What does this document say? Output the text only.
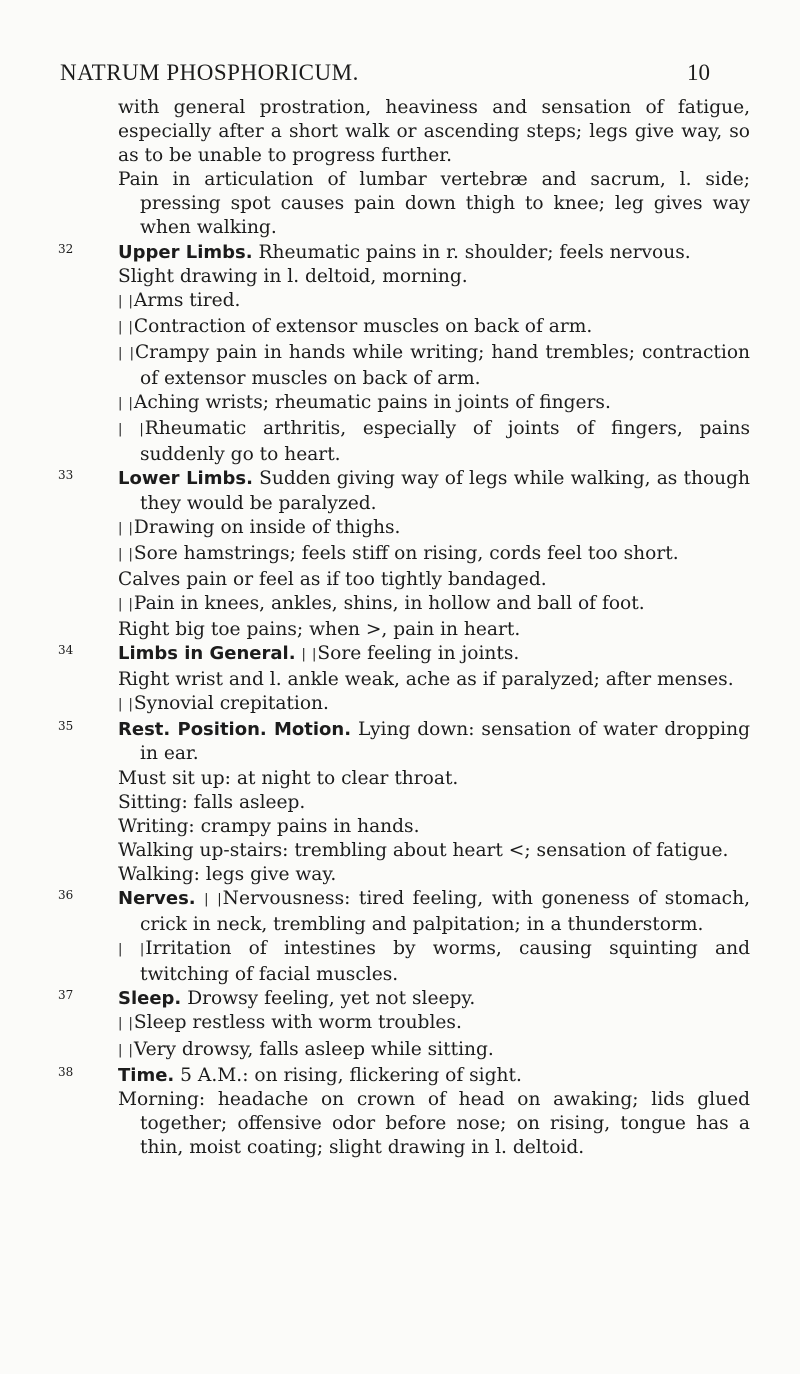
NATRUM PHOSPHORICUM.	10
with general prostration, heaviness and sensation of fatigue, especially after a short walk or ascending steps; legs give way, so as to be unable to progress further.
Pain in articulation of lumbar vertebræ and sacrum, l. side; pressing spot causes pain down thigh to knee; leg gives way when walking.
32	Upper Limbs. Rheumatic pains in r. shoulder; feels nervous.
Slight drawing in l. deltoid, morning.
| |Arms tired.
| |Contraction of extensor muscles on back of arm.
| |Crampy pain in hands while writing; hand trembles; contraction of extensor muscles on back of arm.
| |Aching wrists; rheumatic pains in joints of fingers.
| |Rheumatic arthritis, especially of joints of fingers, pains suddenly go to heart.
33	Lower Limbs. Sudden giving way of legs while walking, as though they would be paralyzed.
| |Drawing on inside of thighs.
| |Sore hamstrings; feels stiff on rising, cords feel too short.
Calves pain or feel as if too tightly bandaged.
| |Pain in knees, ankles, shins, in hollow and ball of foot.
Right big toe pains; when >, pain in heart.
34	Limbs in General. | |Sore feeling in joints.
Right wrist and l. ankle weak, ache as if paralyzed; after menses.
| |Synovial crepitation.
35	Rest. Position. Motion. Lying down: sensation of water dropping in ear.
Must sit up: at night to clear throat.
Sitting: falls asleep.
Writing: crampy pains in hands.
Walking up-stairs: trembling about heart <; sensation of fatigue.
Walking: legs give way.
36	Nerves. | |Nervousness: tired feeling, with goneness of stomach, crick in neck, trembling and palpitation; in a thunderstorm.
| |Irritation of intestines by worms, causing squinting and twitching of facial muscles.
37	Sleep. Drowsy feeling, yet not sleepy.
| |Sleep restless with worm troubles.
| |Very drowsy, falls asleep while sitting.
38	Time. 5 A.M.: on rising, flickering of sight.
Morning: headache on crown of head on awaking; lids glued together; offensive odor before nose; on rising, tongue has a thin, moist coating; slight drawing in l. deltoid.
